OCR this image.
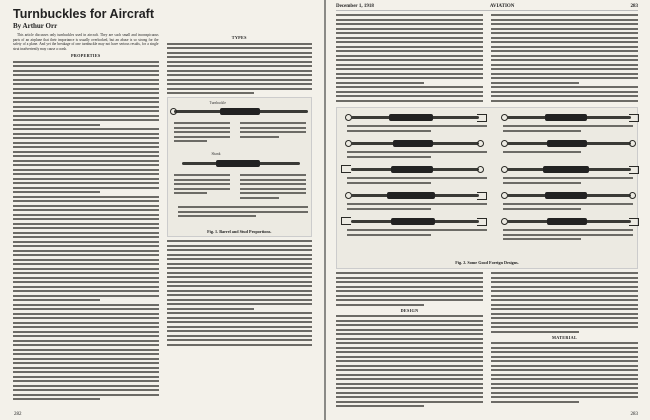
Turnbuckles for Aircraft
By Arthur Orr

This article discusses only turnbuckles used in aircraft. They are such small and inconspicuous parts of an airplane that their importance is usually overlooked, but an abuse is so strong for the safety of a plane. And yet the breakage of one turnbuckle may not have serious results, for a single strut inadvertently may cause a crash.

PROPERTIES
TYPES
Turnbuckle
Shank
Fig. 1. Barrel and Stud Proportions.
282
December 1, 1918	AVIATION	283
Fig. 2. Some Good Foreign Designs.
DESIGN
MATERIAL
283
